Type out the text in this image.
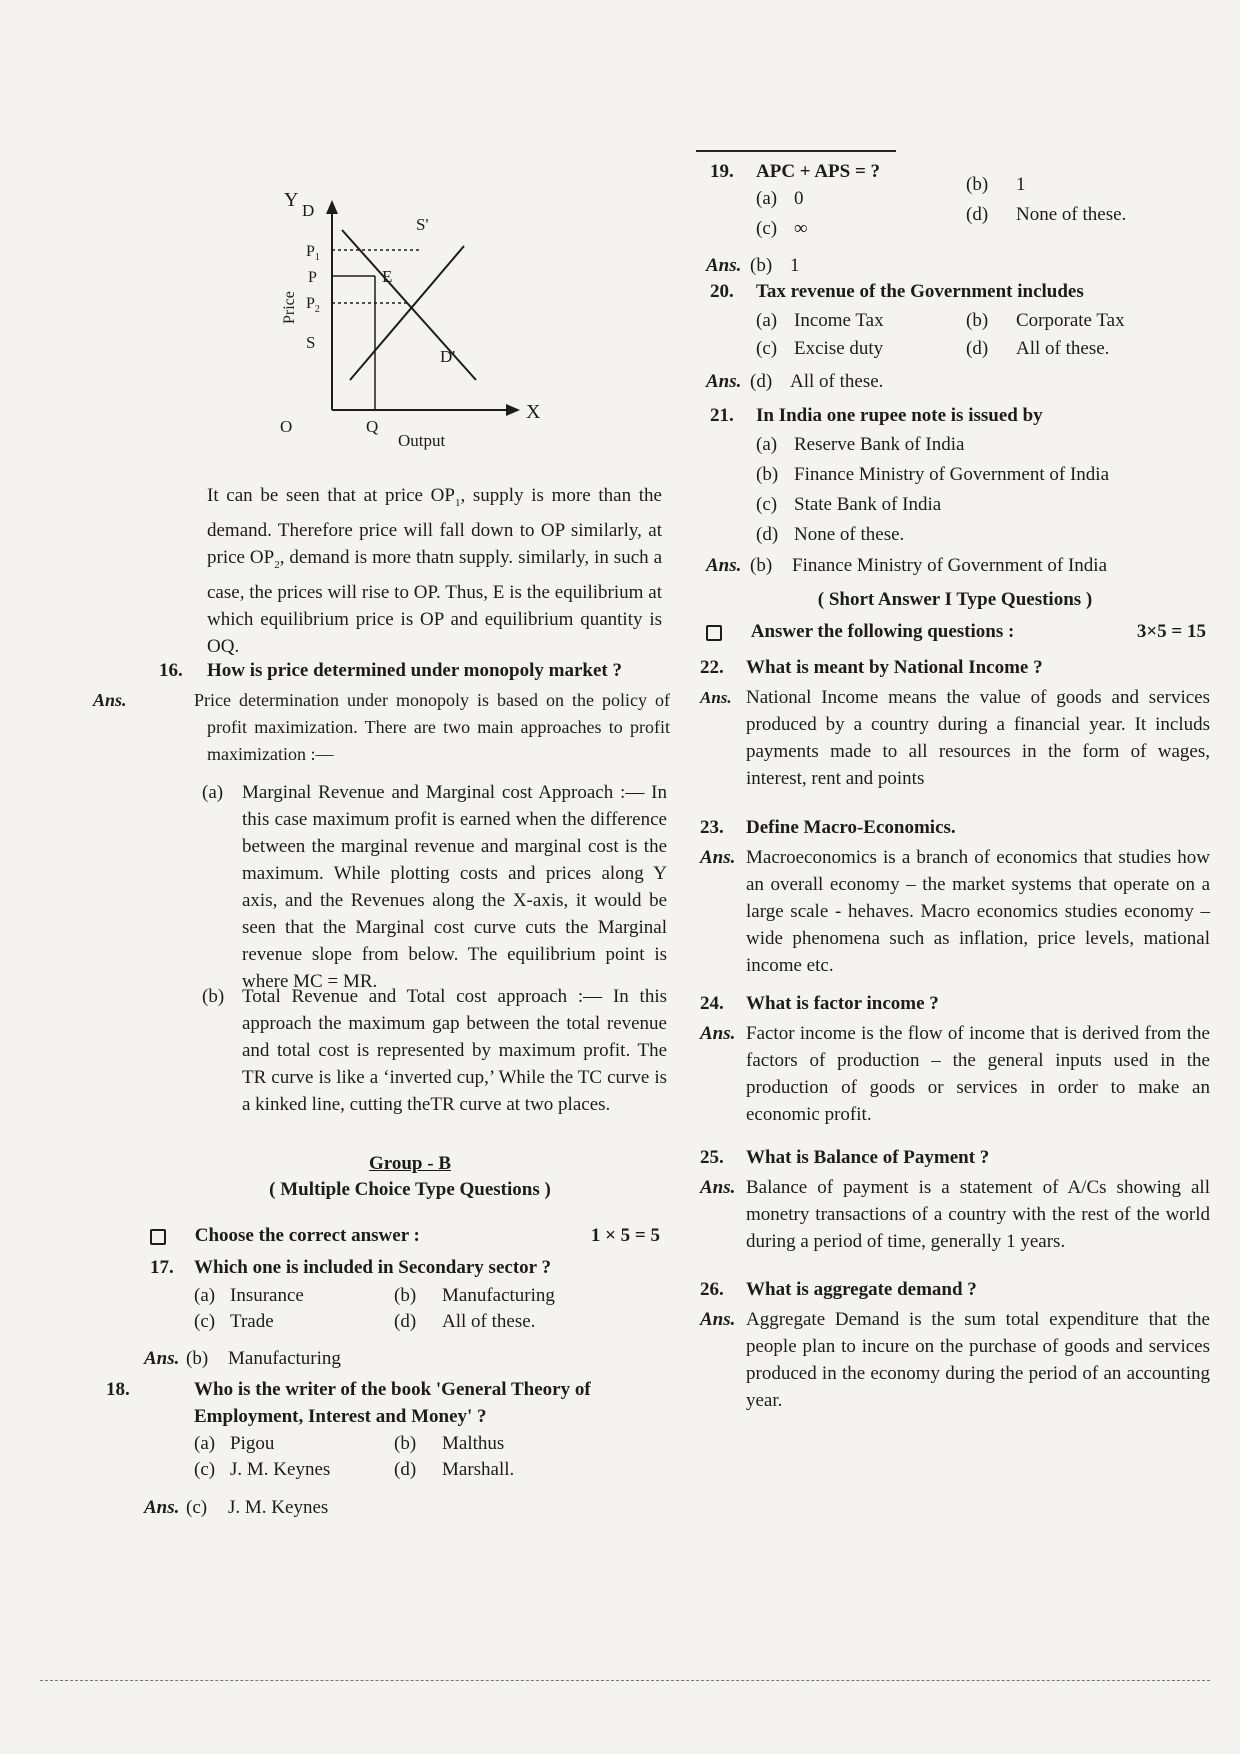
Y D
S'
E
S
D'
Q
O
X
$P_1$
P
$P_2$
Price
Output

It can be seen that at price $OP_1$, supply is more than the demand. Therefore price will fall down to OP similarly, at price $OP_2$, demand is more thatn supply. similarly, in such a case, the prices will rise to OP. Thus, E is the equilibrium at which equilibrium price is OP and equilibrium quantity is OQ.

16. How is price determined under monopoly market ?

Ans.	Price determination under monopoly is based on the policy of profit maximization. There are two main approaches to profit maximization :—

(a) Marginal Revenue and Marginal cost Approach :— In this case maximum profit is earned when the difference between the marginal revenue and marginal cost is the maximum. While plotting costs and prices along Y axis, and the Revenues along the X-axis, it would be seen that the Marginal cost curve cuts the Marginal revenue slope from below. The equilibrium point is where MC = MR.

(b) Total Revenue and Total cost approach :— In this approach the maximum gap between the total revenue and total cost is represented by maximum profit. The TR curve is like a ‘inverted cup,’ While the TC curve is a kinked line, cutting theTR curve at two places.

Group - B
( Multiple Choice Type Questions )
Choose the correct answer :	1 × 5 = 5
17. Which one is included in Secondary sector ?
(a) Insurance	(b) Manufacturing
(c) Trade	(d) All of these.
Ans. (b) Manufacturing

18.	Who is the writer of the book 'General Theory of Employment, Interest and Money' ?

(a) Pigou	(b) Malthus
(c) J. M. Keynes	(d) Marshall.
Ans. (c) J. M. Keynes
19. APC + APS = ?
(a) 0
(b) 1
(c) ∞
(d) None of these.
Ans. (b) 1
20. Tax revenue of the Government includes
(a) Income Tax	(b) Corporate Tax
(c) Excise duty	(d) All of these.
Ans. (d) All of these.
21. In India one rupee note is issued by
(a) Reserve Bank of India
(b) Finance Ministry of Government of India
(c) State Bank of India
(d) None of these.
Ans. (b) Finance Ministry of Government of India
( Short Answer I Type Questions )
Answer the following questions :	3×5 = 15
22. What is meant by National Income ?
Ans. National Income means the value of goods and services produced by a country during a financial year. It includs payments made to all resources in the form of wages, interest, rent and points

23. Define Macro-Economics.
Ans. Macroeconomics is a branch of economics that studies how an overall economy – the market systems that operate on a large scale - hehaves. Macro economics studies economy – wide phenomena such as inflation, price levels, mational income etc.

24. What is factor income ?
Ans. Factor income is the flow of income that is derived from the factors of production – the general inputs used in the production of goods or services in order to make an economic profit.

25. What is Balance of Payment ?
Ans. Balance of payment is a statement of A/Cs showing all monetry transactions of a country with the rest of the world during a period of time, generally 1 years.

26. What is aggregate demand ?
Ans. Aggregate Demand is the sum total expenditure that the people plan to incure on the purchase of goods and services produced in the economy during the period of an accounting year.
